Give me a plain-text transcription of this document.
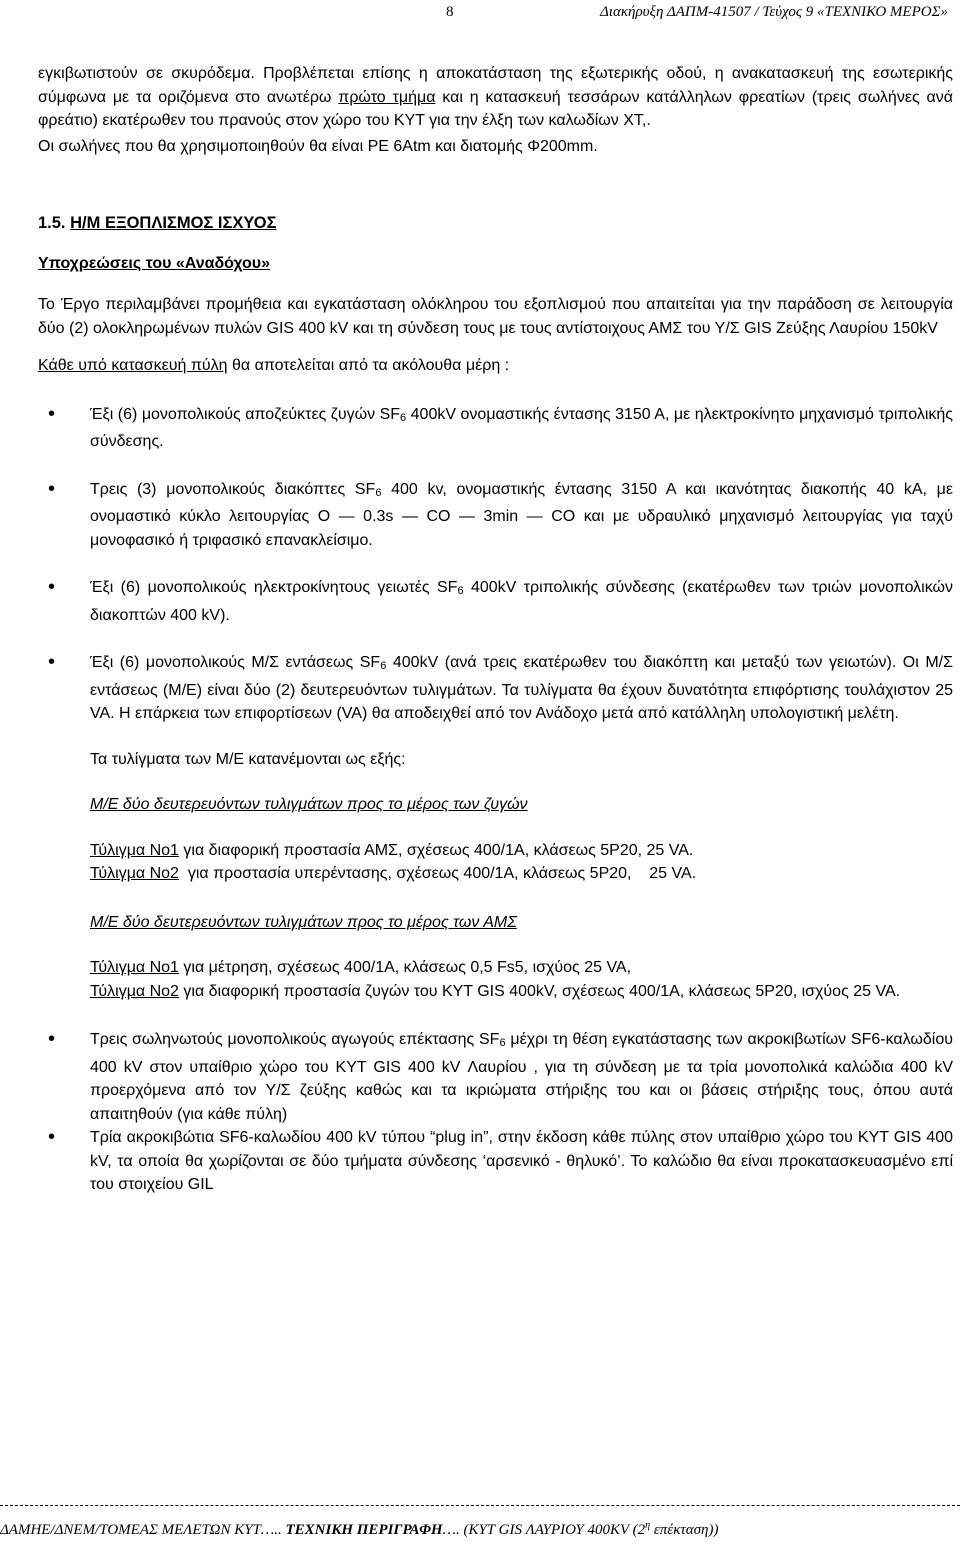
8	Διακήρυξη ΔΑΠΜ-41507 / Τεύχος 9 «ΤΕΧΝΙΚΟ ΜΕΡΟΣ»

εγκιβωτιστούν σε σκυρόδεμα. Προβλέπεται επίσης η αποκατάσταση της εξωτερικής οδού, η ανακατασκευή της εσωτερικής σύμφωνα με τα οριζόμενα στο ανωτέρω πρώτο τμήμα και η κατασκευή τεσσάρων κατάλληλων φρεατίων (τρεις σωλήνες ανά φρεάτιο) εκατέρωθεν του πρανούς στον χώρο του ΚΥΤ για την έλξη των καλωδίων ΧΤ,.

Οι σωλήνες που θα χρησιμοποιηθούν θα είναι PE 6Atm και διατομής Φ200mm.

1.5. Η/Μ ΕΞΟΠΛΙΣΜΟΣ ΙΣΧΥΟΣ

Υποχρεώσεις του «Αναδόχου»

Το Έργο περιλαμβάνει προμήθεια και εγκατάσταση ολόκληρου του εξοπλισμού που απαιτείται για την παράδοση σε λειτουργία δύο (2) ολοκληρωμένων πυλών GIS 400 kV και τη σύνδεση τους με τους αντίστοιχους ΑΜΣ του Υ/Σ GIS Ζεύξης Λαυρίου 150kV

Κάθε υπό κατασκευή πύλη θα αποτελείται από τα ακόλουθα μέρη :

• Έξι (6) μονοπολικούς αποζεύκτες ζυγών $SF_6$ 400kV ονομαστικής έντασης 3150 Α, με ηλεκτροκίνητο μηχανισμό τριπολικής σύνδεσης.
• Τρεις (3) μονοπολικούς διακόπτες $SF_6$ 400 kv, ονομαστικής έντασης 3150 Α και ικανότητας διακοπής 40 kA, με ονομαστικό κύκλο λειτουργίας Ο — 0.3s — CO — 3min — CO και με υδραυλικό μηχανισμό λειτουργίας για ταχύ μονοφασικό ή τριφασικό επανακλείσιμο.
• Έξι (6) μονοπολικούς ηλεκτροκίνητους γειωτές $SF_6$ 400kV τριπολικής σύνδεσης (εκατέρωθεν των τριών μονοπολικών διακοπτών 400 kV).
• Έξι (6) μονοπολικούς Μ/Σ εντάσεως $SF_6$ 400kV (ανά τρεις εκατέρωθεν του διακόπτη και μεταξύ των γειωτών). Οι Μ/Σ εντάσεως (Μ/Ε) είναι δύο (2) δευτερευόντων τυλιγμάτων. Τα τυλίγματα θα έχουν δυνατότητα επιφόρτισης τουλάχιστον 25 VA. Η επάρκεια των επιφορτίσεων (VA) θα αποδειχθεί από τον Ανάδοχο μετά από κατάλληλη υπολογιστική μελέτη.

Τα τυλίγματα των Μ/Ε κατανέμονται ως εξής:

Μ/Ε δύο δευτερευόντων τυλιγμάτων προς το μέρος των ζυγών

Τύλιγμα Νο1 για διαφορική προστασία ΑΜΣ, σχέσεως 400/1Α, κλάσεως 5P20, 25 VA.

Τύλιγμα Νο2  για προστασία υπερέντασης, σχέσεως 400/1Α, κλάσεως 5P20,    25 VA.

Μ/Ε δύο δευτερευόντων τυλιγμάτων προς το μέρος των ΑΜΣ

Τύλιγμα Νο1 για μέτρηση, σχέσεως 400/1Α, κλάσεως 0,5 Fs5, ισχύος 25 VA,

Τύλιγμα Νο2 για διαφορική προστασία ζυγών του ΚΥΤ GIS 400kV, σχέσεως 400/1Α, κλάσεως 5P20, ισχύος 25 VA.

• Τρεις σωληνωτούς μονοπολικούς αγωγούς επέκτασης $SF_6$ μέχρι τη θέση εγκατάστασης των ακροκιβωτίων SF6-καλωδίου 400 kV στον υπαίθριο χώρο του ΚΥΤ GIS 400 kV Λαυρίου , για τη σύνδεση με τα τρία μονοπολικά καλώδια 400 kV προερχόμενα από τον Υ/Σ ζεύξης καθώς και τα ικριώματα στήριξης του και οι βάσεις στήριξης τους, όπου αυτά απαιτηθούν (για κάθε πύλη)
• Τρία ακροκιβώτια SF6-καλωδίου 400 kV τύπου “plug in”, στην έκδοση κάθε πύλης στον υπαίθριο χώρο του ΚΥΤ GIS 400 kV, τα οποία θα χωρίζονται σε δύο τμήματα σύνδεσης ‘αρσενικό - θηλυκό’. Το καλώδιο θα είναι προκατασκευασμένο επί του στοιχείου GIL
ΔΑΜΗΕ/ΔΝΕΜ/ΤΟΜΕΑΣ ΜΕΛΕΤΩΝ ΚΥΤ….. ΤΕΧΝΙΚΗ ΠΕΡΙΓΡΑΦΗ…. (ΚΥΤ GIS ΛΑΥΡΙΟΥ 400KV ($2^\eta$ επέκταση))
